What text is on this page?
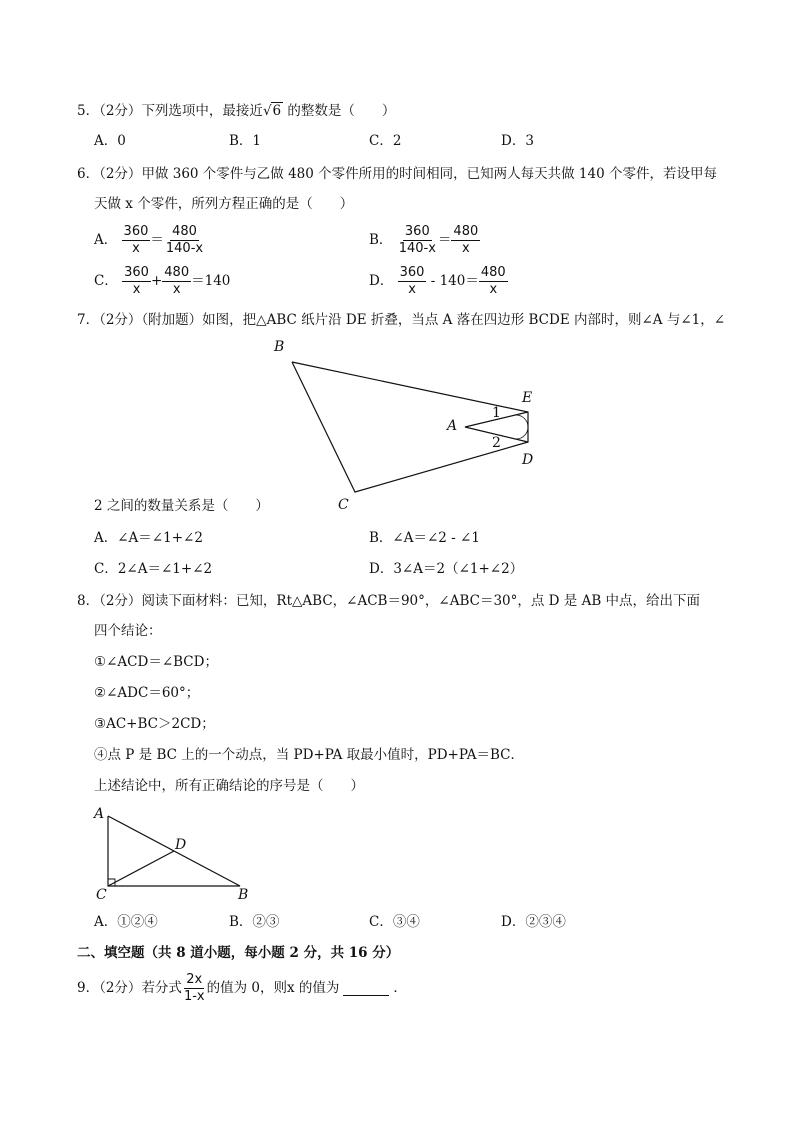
5．（2分）下列选项中，最接近√6 的整数是（　　）
A．0	B．1	C．2	D．3
6．（2分）甲做 360 个零件与乙做 480 个零件所用的时间相同，已知两人每天共做 140 个零件，若设甲每
天做 x 个零件，所列方程正确的是（　　）
A． $\frac{360}{x} = \frac{480}{140-x}$	B． $\frac{360}{140-x} = \frac{480}{x}$
C． $\frac{360}{x} + \frac{480}{x} =140$	D． $\frac{360}{x} - 140= \frac{480}{x}$
7．（2分）（附加题）如图，把△ABC 纸片沿 DE 折叠，当点 A 落在四边形 BCDE 内部时，则∠A 与∠1，∠
B
C
A
E
D
1
2
2 之间的数量关系是（　　）
A．∠A＝∠1+∠2	B．∠A＝∠2 - ∠1
C．2∠A＝∠1+∠2	D．3∠A＝2（∠1+∠2）
8．（2分）阅读下面材料：已知，Rt△ABC，∠ACB＝90°，∠ABC＝30°，点 D 是 AB 中点，给出下面
四个结论：
①∠ACD＝∠BCD；
②∠ADC＝60°；
③AC+BC＞2CD；
④点 P 是 BC 上的一个动点，当 PD+PA 取最小值时，PD+PA＝BC．
上述结论中，所有正确结论的序号是（　　）
A
B
C
D
A．①②④	B．②③	C．③④	D．②③④
二、填空题（共 8 道小题，每小题 2 分，共 16 分）
9．（2分）若分式 $\frac{2x}{1-x}$ 的值为 0，则x 的值为	．
